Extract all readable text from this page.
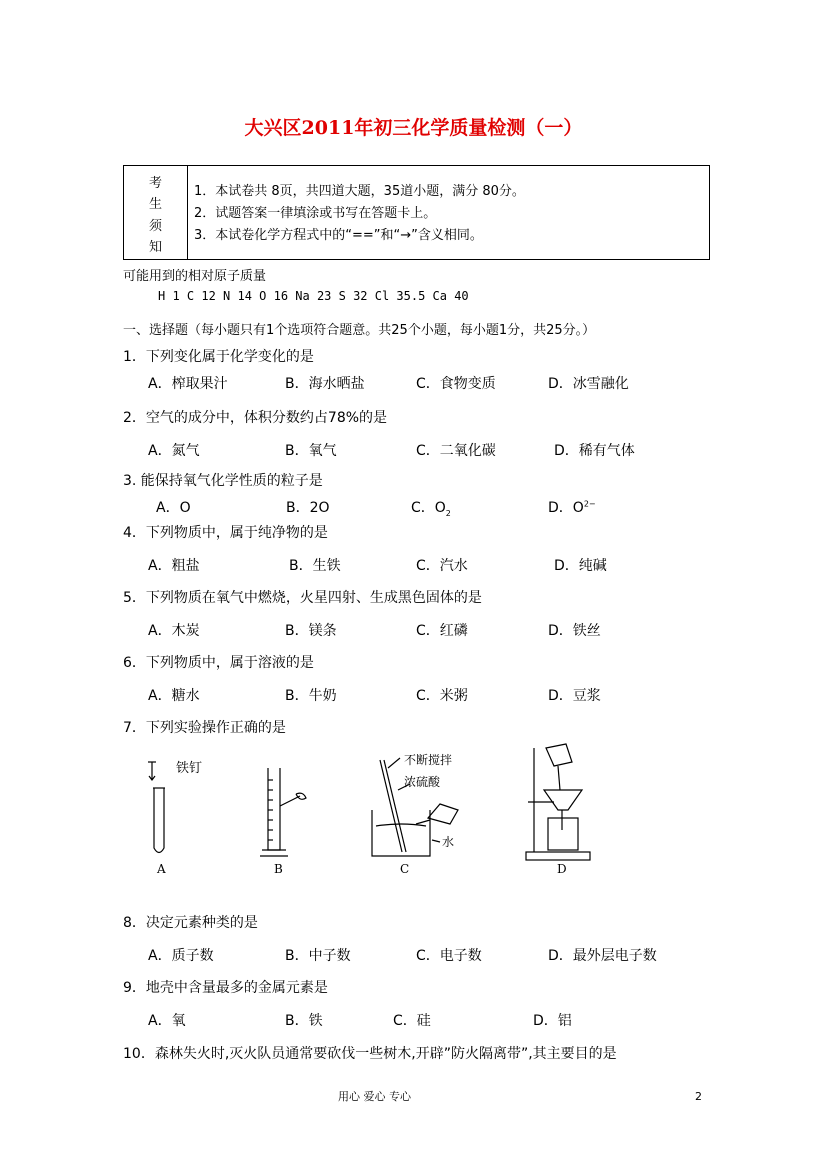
大兴区2011年初三化学质量检测（一）
考
生
须
知
1．本试卷共 8页，共四道大题，35道小题，满分 80分。
2．试题答案一律填涂或书写在答题卡上。
3．本试卷化学方程式中的“==”和“→”含义相同。
可能用到的相对原子质量
H 1 C 12 N 14 O 16 Na 23 S 32 Cl 35.5 Ca 40
一、选择题（每小题只有1个选项符合题意。共25个小题，每小题1分，共25分。）
1．下列变化属于化学变化的是
A．榨取果汁	B．海水晒盐	C．食物变质	D．冰雪融化
2．空气的成分中，体积分数约占78%的是
A．氮气	B．氧气	C．二氧化碳	D．稀有气体
3. 能保持氧气化学性质的粒子是
A．O	B．2O	C．$O_2$	D．$O^{2-}$
4．下列物质中，属于纯净物的是
A．粗盐	B．生铁	C．汽水	D．纯碱
5．下列物质在氧气中燃烧，火星四射、生成黑色固体的是
A．木炭	B．镁条	C．红磷	D．铁丝
6．下列物质中，属于溶液的是
A．糖水	B．牛奶	C．米粥	D．豆浆
7．下列实验操作正确的是
铁钉
不断搅拌
浓硫酸
水
A	B	C	D
8．决定元素种类的是
A．质子数	B．中子数	C．电子数	D．最外层电子数
9．地壳中含量最多的金属元素是
A．氧	B．铁	C．硅	D．铝
10．森林失火时,灭火队员通常要砍伐一些树木,开辟”防火隔离带”,其主要目的是
用心 爱心 专心	2
